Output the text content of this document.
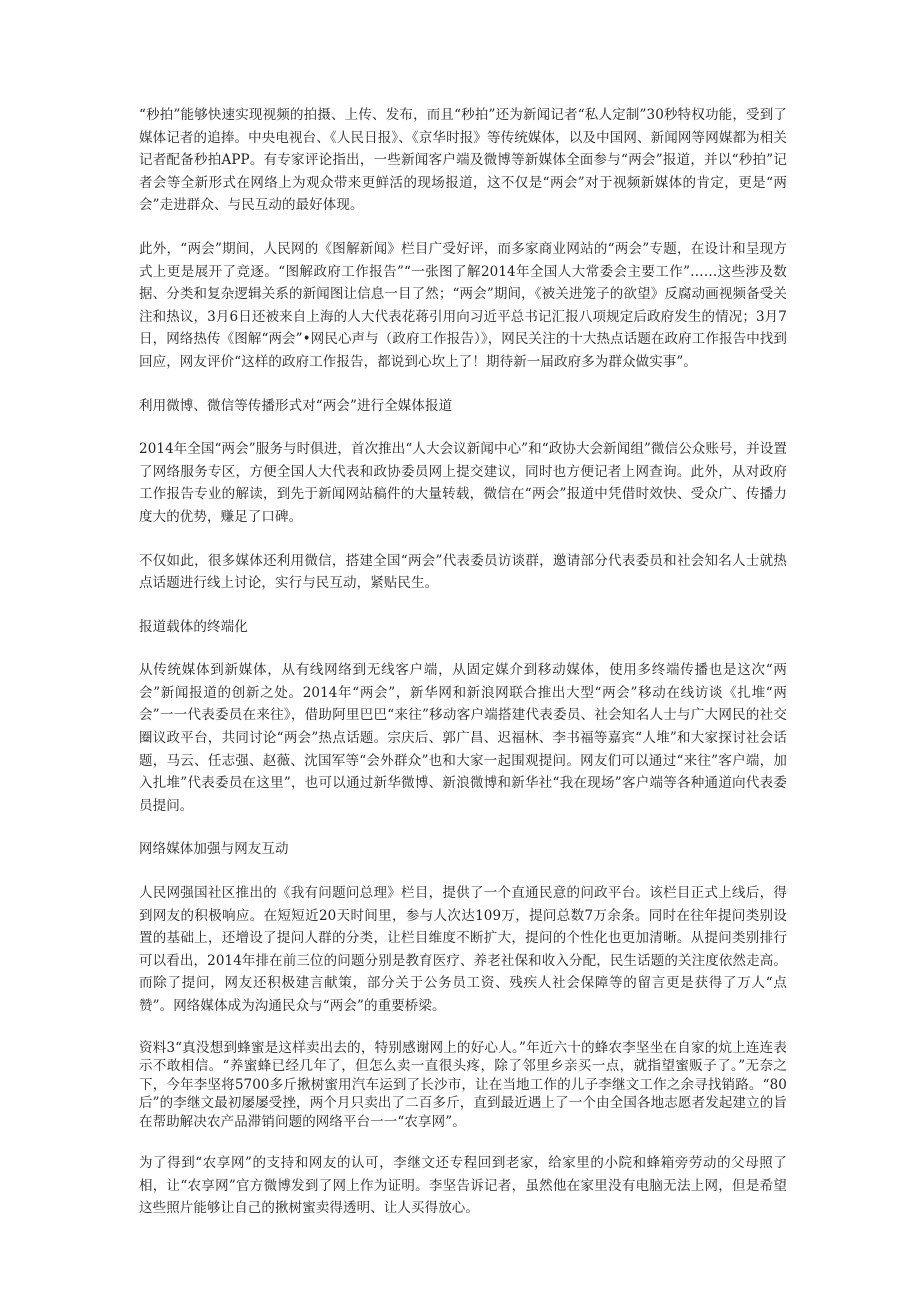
“秒拍”能够快速实现视频的拍摄、上传、发布，而且“秒拍”还为新闻记者“私人定制”30秒特权功能，受到了媒体记者的追捧。中央电视台、《人民日报》、《京华时报》等传统媒体，以及中国网、新闻网等网媒都为相关记者配备秒拍APP。有专家评论指出，一些新闻客户端及微博等新媒体全面参与“两会”报道，并以“秒拍”记者会等全新形式在网络上为观众带来更鲜活的现场报道，这不仅是“两会”对于视频新媒体的肯定，更是“两会”走进群众、与民互动的最好体现。

此外，“两会”期间，人民网的《图解新闻》栏目广受好评，而多家商业网站的“两会”专题，在设计和呈现方式上更是展开了竞逐。“图解政府工作报告”“一张图了解2014年全国人大常委会主要工作”……这些涉及数据、分类和复杂逻辑关系的新闻图让信息一目了然；“两会”期间，《被关进笼子的欲望》反腐动画视频备受关注和热议，3月6日还被来自上海的人大代表花蒋引用向习近平总书记汇报八项规定后政府发生的情况；3月7日，网络热传《图解“两会”•网民心声与（政府工作报告）》，网民关注的十大热点话题在政府工作报告中找到回应，网友评价“这样的政府工作报告，都说到心坎上了！期待新一届政府多为群众做实事”。

利用微博、微信等传播形式对“两会”进行全媒体报道

2014年全国“两会”服务与时俱进，首次推出“人大会议新闻中心”和“政协大会新闻组”微信公众账号，并设置了网络服务专区，方便全国人大代表和政协委员网上提交建议，同时也方便记者上网查询。此外，从对政府工作报告专业的解读，到先于新闻网站稿件的大量转载，微信在“两会”报道中凭借时效快、受众广、传播力度大的优势，赚足了口碑。

不仅如此，很多媒体还利用微信，搭建全国“两会”代表委员访谈群，邀请部分代表委员和社会知名人士就热点话题进行线上讨论，实行与民互动，紧贴民生。

报道载体的终端化

从传统媒体到新媒体，从有线网络到无线客户端，从固定媒介到移动媒体，使用多终端传播也是这次“两会”新闻报道的创新之处。2014年“两会”，新华网和新浪网联合推出大型“两会”移动在线访谈《扎堆“两会”一一代表委员在来往》，借助阿里巴巴“来往”移动客户端搭建代表委员、社会知名人士与广大网民的社交圈议政平台，共同讨论“两会”热点话题。宗庆后、郭广昌、迟福林、李书福等嘉宾“人堆”和大家探讨社会话题，马云、任志强、赵薇、沈国军等“会外群众”也和大家一起围观提问。网友们可以通过“来往”客户端，加入扎堆”代表委员在这里”，也可以通过新华微博、新浪微博和新华社“我在现场”客户端等各种通道向代表委员提问。

网络媒体加强与网友互动

人民网强国社区推出的《我有问题问总理》栏目，提供了一个直通民意的问政平台。该栏目正式上线后，得到网友的积极响应。在短短近20天时间里，参与人次达109万，提问总数7万余条。同时在往年提问类别设置的基础上，还增设了提问人群的分类，让栏目维度不断扩大，提问的个性化也更加清晰。从提问类别排行可以看出，2014年排在前三位的问题分别是教育医疗、养老社保和收入分配，民生话题的关注度依然走高。而除了提问，网友还积极建言献策，部分关于公务员工资、残疾人社会保障等的留言更是获得了万人“点赞”。网络媒体成为沟通民众与“两会”的重要桥梁。

资料3“真没想到蜂蜜是这样卖出去的，特别感谢网上的好心人。”年近六十的蜂农李坚坐在自家的炕上连连表示不敢相信。“养蜜蜂已经几年了，但怎么卖一直很头疼，除了邻里乡亲买一点，就指望蜜贩子了。”无奈之下，今年李坚将5700多斤揪树蜜用汽车运到了长沙市，让在当地工作的儿子李继文工作之余寻找销路。“80后”的李继文最初屡屡受挫，两个月只卖出了二百多斤，直到最近遇上了一个由全国各地志愿者发起建立的旨在帮助解决农产品滞销问题的网络平台一一“农享网”。

为了得到“农享网”的支持和网友的认可，李继文还专程回到老家，给家里的小院和蜂箱旁劳动的父母照了相，让“农享网”官方微博发到了网上作为证明。李坚告诉记者，虽然他在家里没有电脑无法上网，但是希望这些照片能够让自己的揪树蜜卖得透明、让人买得放心。
